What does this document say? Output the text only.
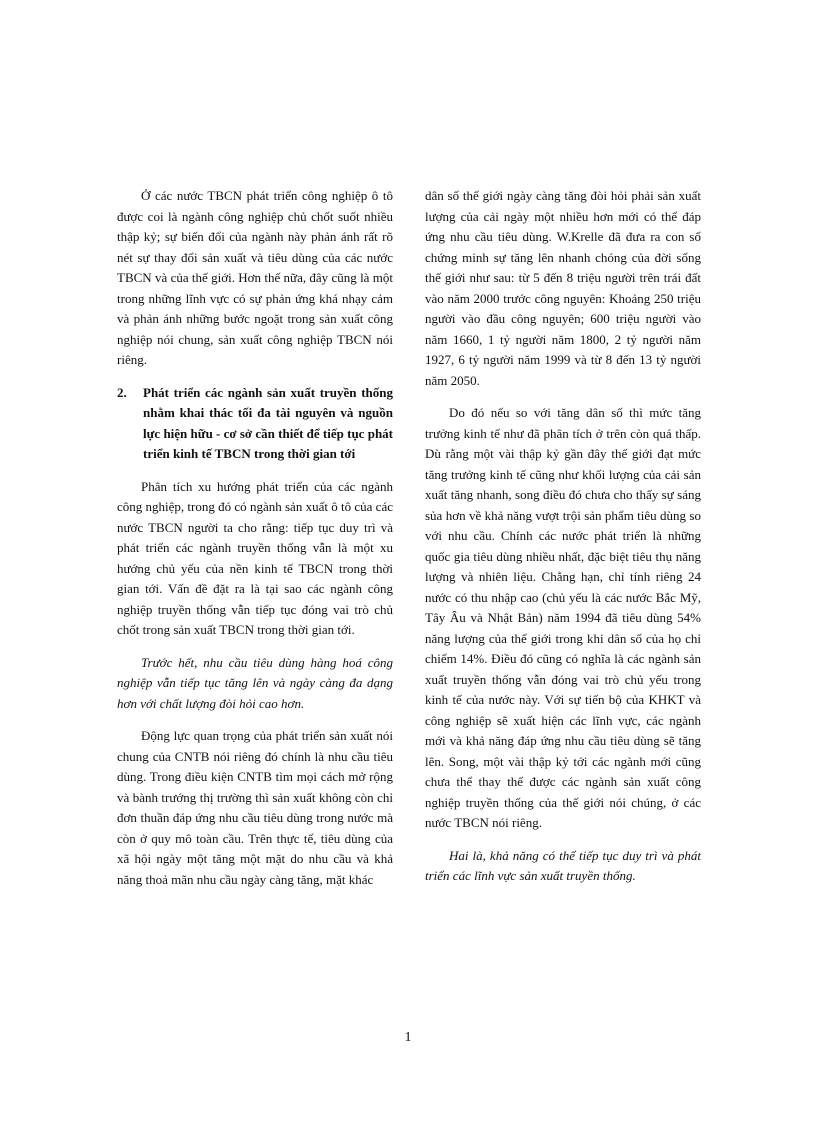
Ở các nước TBCN phát triển công nghiệp ô tô được coi là ngành công nghiệp chủ chốt suốt nhiều thập kỷ; sự biến đổi của ngành này phản ánh rất rõ nét sự thay đổi sản xuất và tiêu dùng của các nước TBCN và của thế giới. Hơn thế nữa, đây cũng là một trong những lĩnh vực có sự phản ứng khá nhạy cảm và phản ánh những bước ngoặt trong sản xuất công nghiệp nói chung, sản xuất công nghiệp TBCN nói riêng.

2.	Phát triển các ngành sản xuất truyền thống nhằm khai thác tối đa tài nguyên và nguồn lực hiện hữu - cơ sở cần thiết để tiếp tục phát triển kinh tế TBCN trong thời gian tới

Phân tích xu hướng phát triển của các ngành công nghiệp, trong đó có ngành sản xuất ô tô của các nước TBCN người ta cho rằng: tiếp tục duy trì và phát triển các ngành truyền thống vẫn là một xu hướng chủ yếu của nền kinh tế TBCN trong thời gian tới. Vấn đề đặt ra là tại sao các ngành công nghiệp truyền thống vẫn tiếp tục đóng vai trò chủ chốt trong sản xuất TBCN trong thời gian tới.

Trước hết, nhu cầu tiêu dùng hàng hoá công nghiệp vẫn tiếp tục tăng lên và ngày càng đa dạng hơn với chất lượng đòi hỏi cao hơn.

Động lực quan trọng của phát triển sản xuất nói chung của CNTB nói riêng đó chính là nhu cầu tiêu dùng. Trong điều kiện CNTB tìm mọi cách mở rộng và bành trướng thị trường thì sản xuất không còn chỉ đơn thuần đáp ứng nhu cầu tiêu dùng trong nước mà còn ở quy mô toàn cầu. Trên thực tế, tiêu dùng của xã hội ngày một tăng một mặt do nhu cầu và khả năng thoả mãn nhu cầu ngày càng tăng, mặt khác

dân số thế giới ngày càng tăng đòi hỏi phải sản xuất lượng của cải ngày một nhiều hơn mới có thể đáp ứng nhu cầu tiêu dùng. W.Krelle đã đưa ra con số chứng minh sự tăng lên nhanh chóng của đời sống thế giới như sau: từ 5 đến 8 triệu người trên trái đất vào năm 2000 trước công nguyên: Khoảng 250 triệu người vào đầu công nguyên; 600 triệu người vào năm 1660, 1 tỷ người năm 1800, 2 tỷ người năm 1927, 6 tỷ người năm 1999 và từ 8 đến 13 tỷ người năm 2050.

Do đó nếu so với tăng dân số thì mức tăng trưởng kinh tế như đã phân tích ở trên còn quá thấp. Dù rằng một vài thập kỷ gần đây thế giới đạt mức tăng trưởng kinh tế cũng như khối lượng của cải sản xuất tăng nhanh, song điều đó chưa cho thấy sự sáng sủa hơn về khả năng vượt trội sản phẩm tiêu dùng so với nhu cầu. Chính các nước phát triển là những quốc gia tiêu dùng nhiều nhất, đặc biệt tiêu thụ năng lượng và nhiên liệu. Chẳng hạn, chỉ tính riêng 24 nước có thu nhập cao (chủ yếu là các nước Bắc Mỹ, Tây Âu và Nhật Bản) năm 1994 đã tiêu dùng 54% năng lượng của thế giới trong khi dân số của họ chỉ chiếm 14%. Điều đó cũng có nghĩa là các ngành sản xuất truyền thống vẫn đóng vai trò chủ yếu trong kinh tế của nước này. Với sự tiến bộ của KHKT và công nghiệp sẽ xuất hiện các lĩnh vực, các ngành mới và khả năng đáp ứng nhu cầu tiêu dùng sẽ tăng lên. Song, một vài thập kỷ tới các ngành mới cũng chưa thể thay thế được các ngành sản xuất công nghiệp truyền thống của thế giới nói chúng, ở các nước TBCN nói riêng.

Hai là, khả năng có thể tiếp tục duy trì và phát triển các lĩnh vực sản xuất truyền thống.

1
